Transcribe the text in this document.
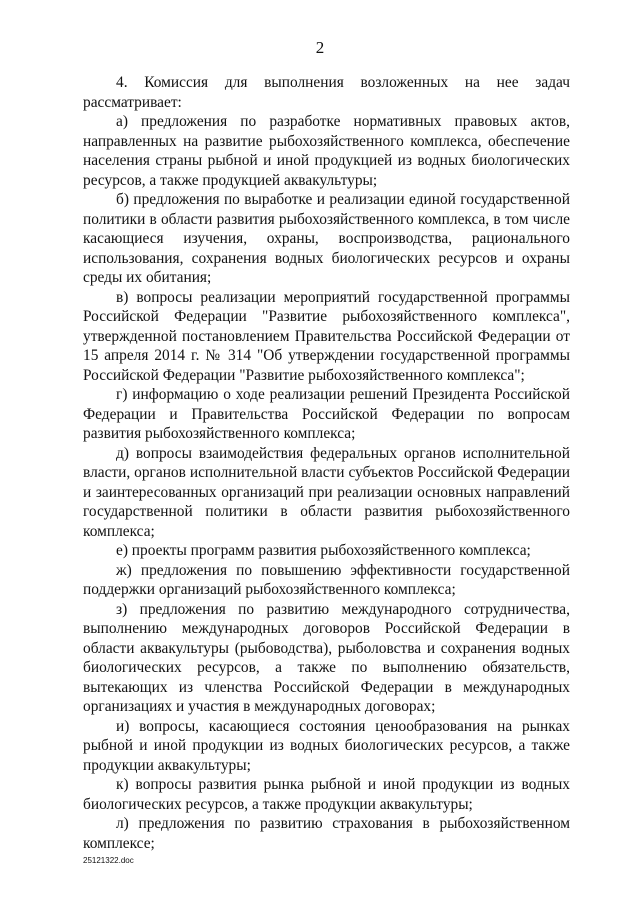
2

4. Комиссия для выполнения возложенных на нее задач рассматривает:

а) предложения по разработке нормативных правовых актов, направленных на развитие рыбохозяйственного комплекса, обеспечение населения страны рыбной и иной продукцией из водных биологических ресурсов, а также продукцией аквакультуры;

б) предложения по выработке и реализации единой государственной политики в области развития рыбохозяйственного комплекса, в том числе касающиеся изучения, охраны, воспроизводства, рационального использования, сохранения водных биологических ресурсов и охраны среды их обитания;

в) вопросы реализации мероприятий государственной программы Российской Федерации "Развитие рыбохозяйственного комплекса", утвержденной постановлением Правительства Российской Федерации от 15 апреля 2014 г. № 314 "Об утверждении государственной программы Российской Федерации "Развитие рыбохозяйственного комплекса";

г) информацию о ходе реализации решений Президента Российской Федерации и Правительства Российской Федерации по вопросам развития рыбохозяйственного комплекса;

д) вопросы взаимодействия федеральных органов исполнительной власти, органов исполнительной власти субъектов Российской Федерации и заинтересованных организаций при реализации основных направлений государственной политики в области развития рыбохозяйственного комплекса;

е) проекты программ развития рыбохозяйственного комплекса;

ж) предложения по повышению эффективности государственной поддержки организаций рыбохозяйственного комплекса;

з) предложения по развитию международного сотрудничества, выполнению международных договоров Российской Федерации в области аквакультуры (рыбоводства), рыболовства и сохранения водных биологических ресурсов, а также по выполнению обязательств, вытекающих из членства Российской Федерации в международных организациях и участия в международных договорах;

и) вопросы, касающиеся состояния ценообразования на рынках рыбной и иной продукции из водных биологических ресурсов, а также продукции аквакультуры;

к) вопросы развития рынка рыбной и иной продукции из водных биологических ресурсов, а также продукции аквакультуры;

л) предложения по развитию страхования в рыбохозяйственном комплексе;

25121322.doc
